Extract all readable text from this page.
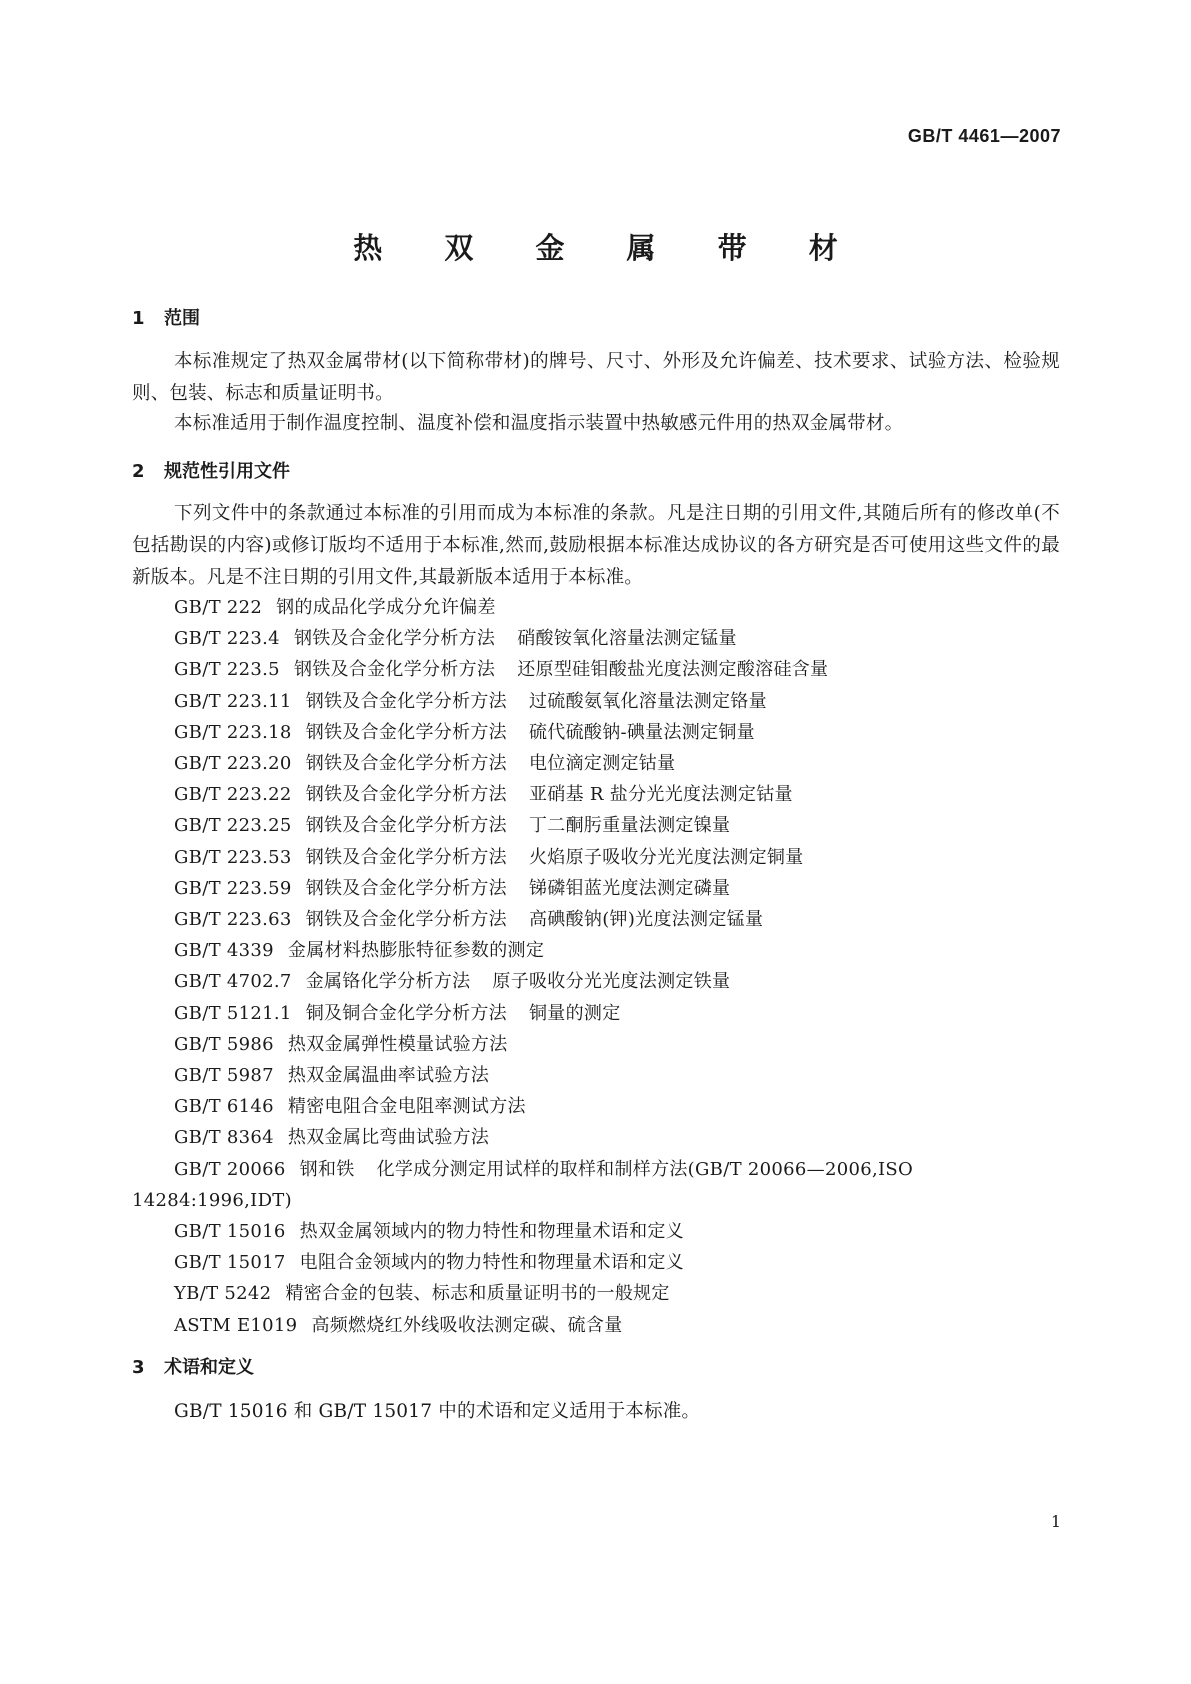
GB/T 4461—2007
热 双 金 属 带 材
1 范围

本标准规定了热双金属带材(以下简称带材)的牌号、尺寸、外形及允许偏差、技术要求、试验方法、检验规则、包装、标志和质量证明书。

本标准适用于制作温度控制、温度补偿和温度指示装置中热敏感元件用的热双金属带材。

2 规范性引用文件

下列文件中的条款通过本标准的引用而成为本标准的条款。凡是注日期的引用文件,其随后所有的修改单(不包括勘误的内容)或修订版均不适用于本标准,然而,鼓励根据本标准达成协议的各方研究是否可使用这些文件的最新版本。凡是不注日期的引用文件,其最新版本适用于本标准。

GB/T 222 钢的成品化学成分允许偏差
GB/T 223.4 钢铁及合金化学分析方法 硝酸铵氧化溶量法测定锰量
GB/T 223.5 钢铁及合金化学分析方法 还原型硅钼酸盐光度法测定酸溶硅含量
GB/T 223.11 钢铁及合金化学分析方法 过硫酸氨氧化溶量法测定铬量
GB/T 223.18 钢铁及合金化学分析方法 硫代硫酸钠-碘量法测定铜量
GB/T 223.20 钢铁及合金化学分析方法 电位滴定测定钴量
GB/T 223.22 钢铁及合金化学分析方法 亚硝基 R 盐分光光度法测定钴量
GB/T 223.25 钢铁及合金化学分析方法 丁二酮肟重量法测定镍量
GB/T 223.53 钢铁及合金化学分析方法 火焰原子吸收分光光度法测定铜量
GB/T 223.59 钢铁及合金化学分析方法 锑磷钼蓝光度法测定磷量
GB/T 223.63 钢铁及合金化学分析方法 高碘酸钠(钾)光度法测定锰量
GB/T 4339 金属材料热膨胀特征参数的测定
GB/T 4702.7 金属铬化学分析方法 原子吸收分光光度法测定铁量
GB/T 5121.1 铜及铜合金化学分析方法 铜量的测定
GB/T 5986 热双金属弹性模量试验方法
GB/T 5987 热双金属温曲率试验方法
GB/T 6146 精密电阻合金电阻率测试方法
GB/T 8364 热双金属比弯曲试验方法
GB/T 20066 钢和铁 化学成分测定用试样的取样和制样方法(GB/T 20066—2006,ISO 14284:1996,IDT)
GB/T 15016 热双金属领域内的物力特性和物理量术语和定义
GB/T 15017 电阻合金领域内的物力特性和物理量术语和定义
YB/T 5242 精密合金的包装、标志和质量证明书的一般规定
ASTM E1019 高频燃烧红外线吸收法测定碳、硫含量
3 术语和定义

GB/T 15016 和 GB/T 15017 中的术语和定义适用于本标准。

1
